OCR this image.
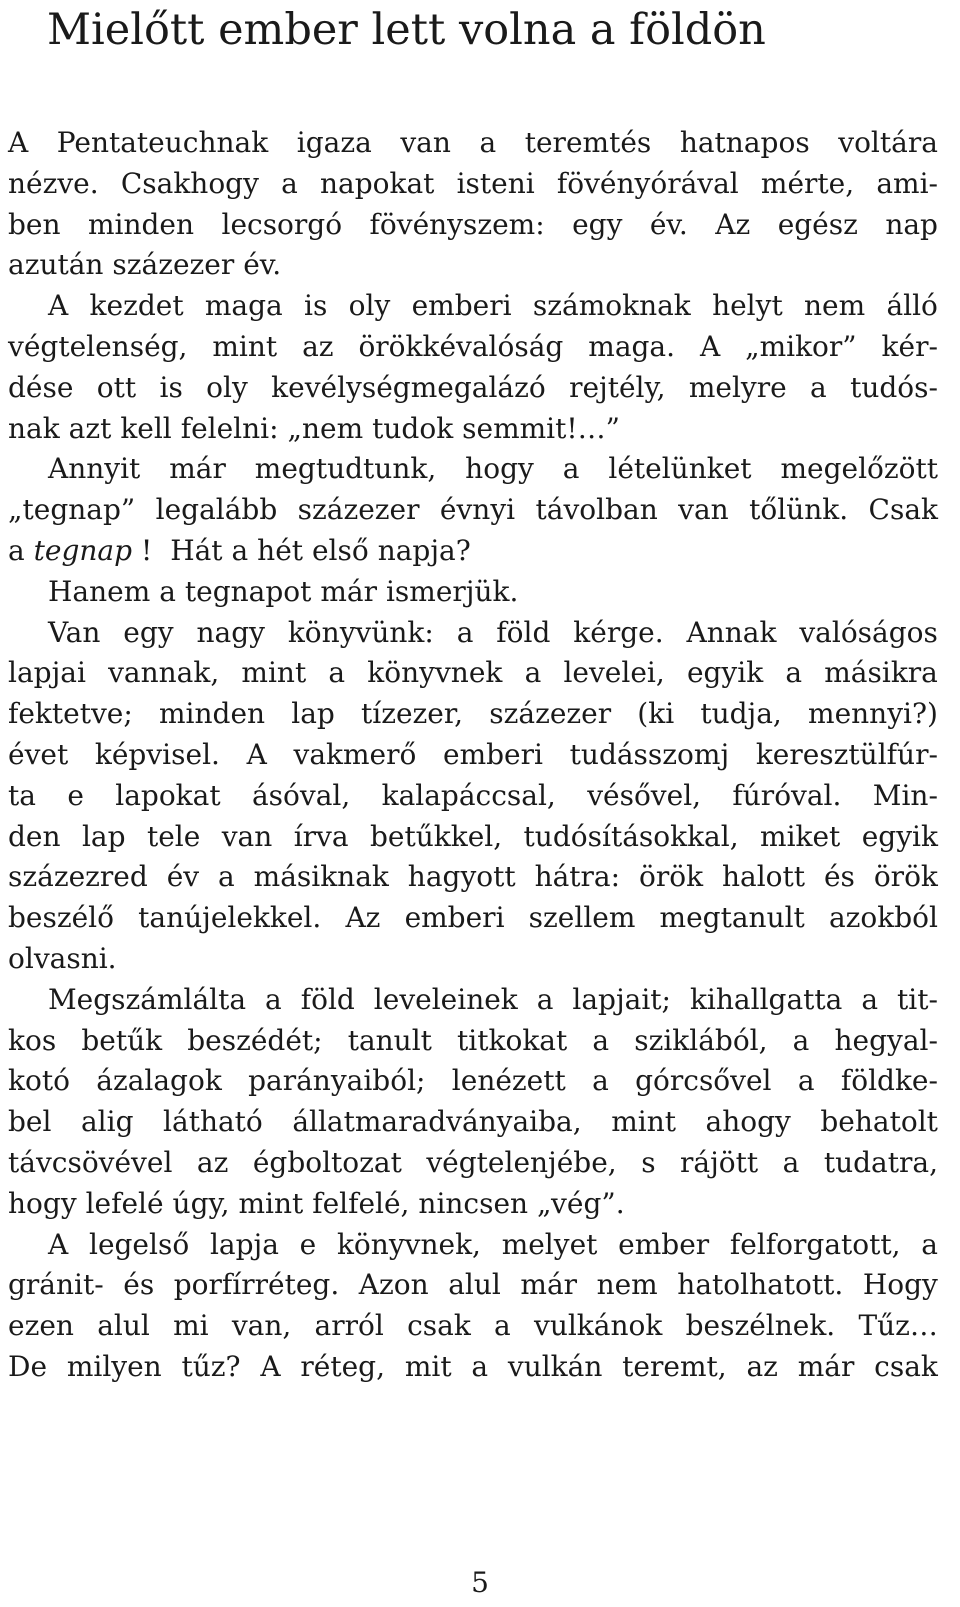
Mielőtt ember lett volna a földön
A Pentateuchnak igaza van a teremtés hatnapos voltára
nézve. Csakhogy a napokat isteni fövényórával mérte, ami-
ben minden lecsorgó fövényszem: egy év. Az egész nap
azután százezer év.
A kezdet maga is oly emberi számoknak helyt nem álló
végtelenség, mint az örökkévalóság maga. A „mikor” kér-
dése ott is oly kevélységmegalázó rejtély, melyre a tudós-
nak azt kell felelni: „nem tudok semmit!…”
Annyit már megtudtunk, hogy a lételünket megelőzött
„tegnap” legalább százezer évnyi távolban van tőlünk. Csak
a tegnap ! Hát a hét első napja?
Hanem a tegnapot már ismerjük.
Van egy nagy könyvünk: a föld kérge. Annak valóságos
lapjai vannak, mint a könyvnek a levelei, egyik a másikra
fektetve; minden lap tízezer, százezer (ki tudja, mennyi?)
évet képvisel. A vakmerő emberi tudásszomj keresztülfúr-
ta e lapokat ásóval, kalapáccsal, vésővel, fúróval. Min-
den lap tele van írva betűkkel, tudósításokkal, miket egyik
százezred év a másiknak hagyott hátra: örök halott és örök
beszélő tanújelekkel. Az emberi szellem megtanult azokból
olvasni.
Megszámlálta a föld leveleinek a lapjait; kihallgatta a tit-
kos betűk beszédét; tanult titkokat a sziklából, a hegyal-
kotó ázalagok parányaiból; lenézett a górcsővel a földke-
bel alig látható állatmaradványaiba, mint ahogy behatolt
távcsövével az égboltozat végtelenjébe, s rájött a tudatra,
hogy lefelé úgy, mint felfelé, nincsen „vég”.
A legelső lapja e könyvnek, melyet ember felforgatott, a
gránit- és porfírréteg. Azon alul már nem hatolhatott. Hogy
ezen alul mi van, arról csak a vulkánok beszélnek. Tűz…
De milyen tűz? A réteg, mit a vulkán teremt, az már csak
5
